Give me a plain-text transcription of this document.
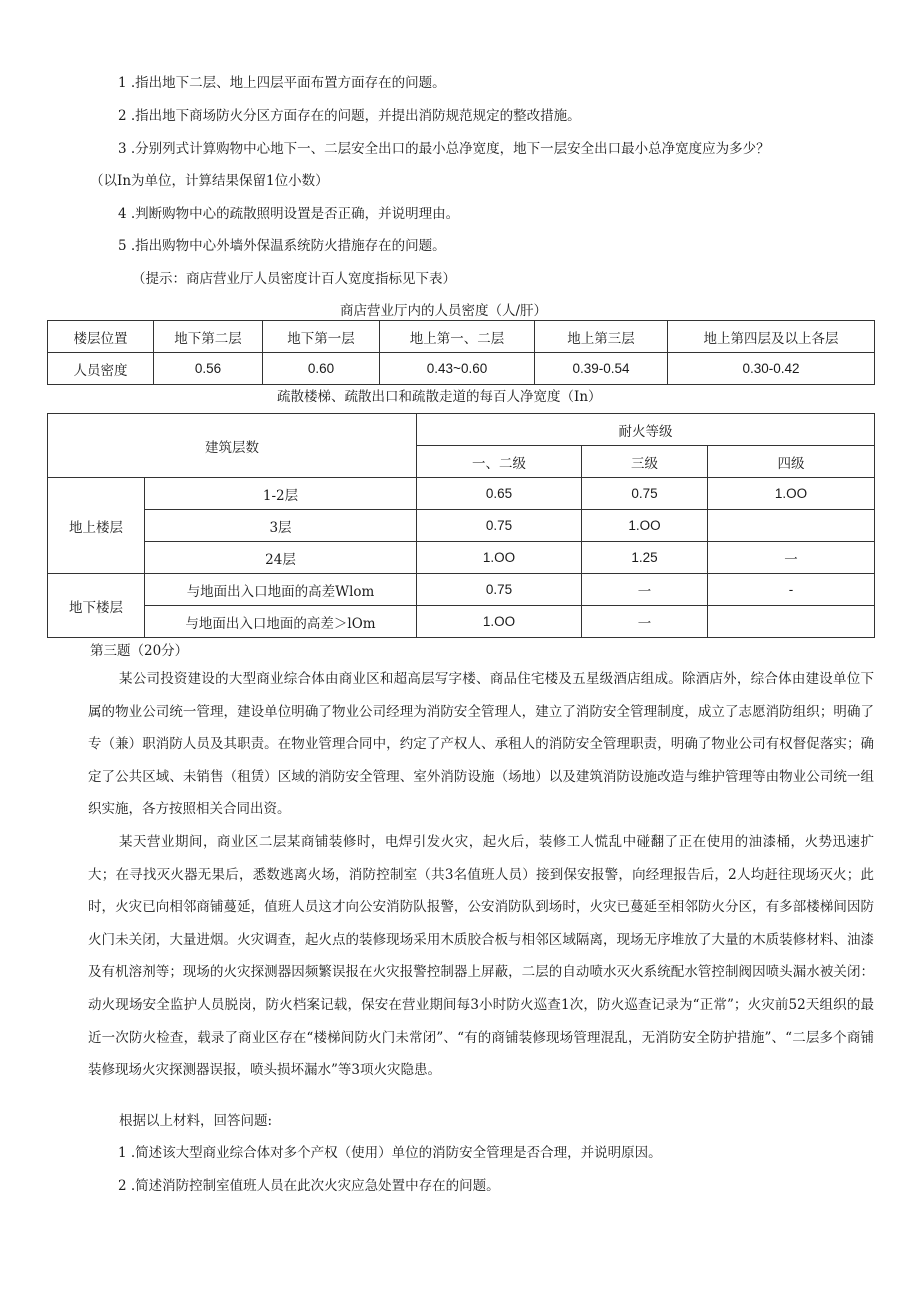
1 .指出地下二层、地上四层平面布置方面存在的问题。
2 .指出地下商场防火分区方面存在的问题，并提出消防规范规定的整改措施。
3 .分别列式计算购物中心地下一、二层安全出口的最小总净宽度，地下一层安全出口最小总净宽度应为多少？
（以In为单位，计算结果保留1位小数）
4 .判断购物中心的疏散照明设置是否正确，并说明理由。
5 .指出购物中心外墙外保温系统防火措施存在的问题。
（提示：商店营业厅人员密度计百人宽度指标见下表）
商店营业厅内的人员密度（人/肝）
楼层位置	地下第二层	地下第一层	地上第一、二层	地上第三层	地上第四层及以上各层
人员密度	0.56	0.60	0.43~0.60	0.39-0.54	0.30-0.42
疏散楼梯、疏散出口和疏散走道的每百人净宽度（In）
建筑层数		耐火等级		
		一、二级	三级	四级
地上楼层	1-2层	0.65	0.75	1.OO
	3层	0.75	1.OO	
	24层	1.OO	1.25	一
地下楼层	与地面出入口地面的高差Wlom	0.75	一	-
	与地面出入口地面的高差＞lOm	1.OO	一	
第三题（20分）

某公司投资建设的大型商业综合体由商业区和超高层写字楼、商品住宅楼及五星级酒店组成。除酒店外，综合体由建设单位下属的物业公司统一管理，建设单位明确了物业公司经理为消防安全管理人，建立了消防安全管理制度，成立了志愿消防组织；明确了专（兼）职消防人员及其职责。在物业管理合同中，约定了产权人、承租人的消防安全管理职责，明确了物业公司有权督促落实；确定了公共区域、未销售（租赁）区域的消防安全管理、室外消防设施（场地）以及建筑消防设施改造与维护管理等由物业公司统一组织实施，各方按照相关合同出资。

某天营业期间，商业区二层某商铺装修时，电焊引发火灾，起火后，装修工人慌乱中碰翻了正在使用的油漆桶，火势迅速扩大；在寻找灭火器无果后，悉数逃离火场，消防控制室（共3名值班人员）接到保安报警，向经理报告后，2人均赶往现场灭火；此时，火灾已向相邻商铺蔓延，值班人员这才向公安消防队报警，公安消防队到场时，火灾已蔓延至相邻防火分区，有多部楼梯间因防火门未关闭，大量进烟。火灾调查，起火点的装修现场采用木质胶合板与相邻区域隔离，现场无序堆放了大量的木质装修材料、油漆及有机溶剂等；现场的火灾探测器因频繁误报在火灾报警控制器上屏蔽，二层的自动喷水灭火系统配水管控制阀因喷头漏水被关闭：动火现场安全监护人员脱岗，防火档案记载，保安在营业期间每3小时防火巡查1次，防火巡查记录为“正常”；火灾前52天组织的最近一次防火检查，载录了商业区存在“楼梯间防火门未常闭”、“有的商铺装修现场管理混乱，无消防安全防护措施”、“二层多个商铺装修现场火灾探测器误报，喷头损坏漏水”等3项火灾隐患。

根据以上材料，回答问题:
1 .简述该大型商业综合体对多个产权（使用）单位的消防安全管理是否合理，并说明原因。
2 .简述消防控制室值班人员在此次火灾应急处置中存在的问题。
